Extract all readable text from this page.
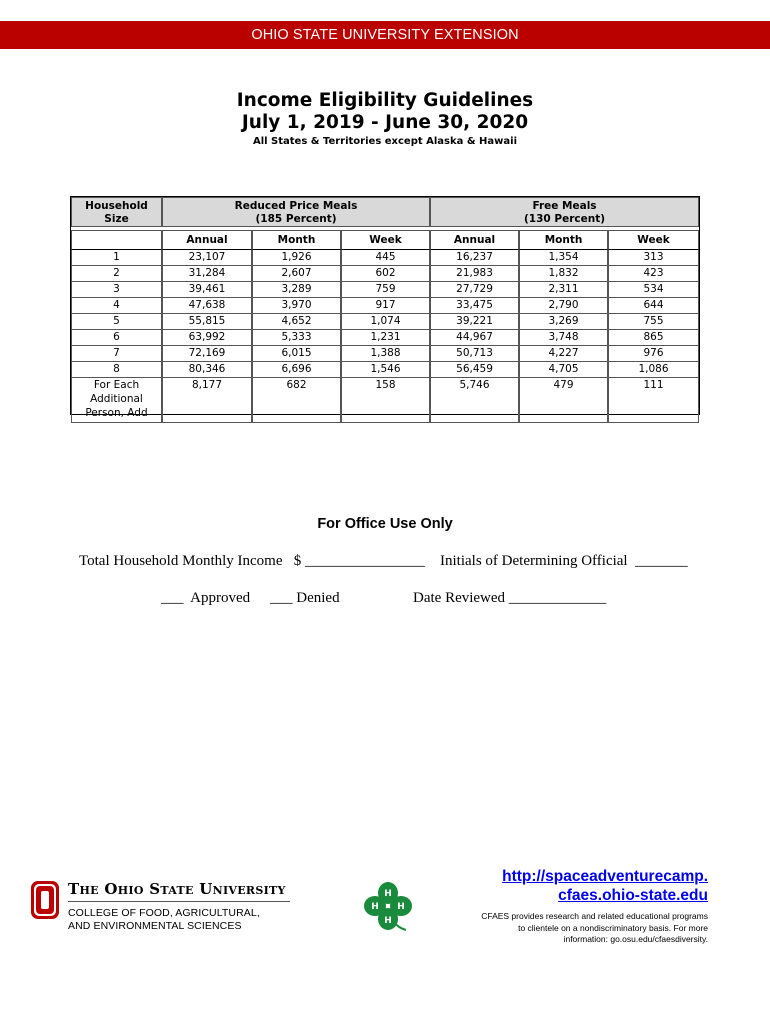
OHIO STATE UNIVERSITY EXTENSION
Income Eligibility Guidelines
July 1, 2019 - June 30, 2020
All States & Territories except Alaska & Hawaii
Household
Size	Reduced Price Meals
(185 Percent)			Free Meals
(130 Percent)		

	Annual	Month	Week	Annual	Month	Week
1	23,107	1,926	445	16,237	1,354	313
2	31,284	2,607	602	21,983	1,832	423
3	39,461	3,289	759	27,729	2,311	534
4	47,638	3,970	917	33,475	2,790	644
5	55,815	4,652	1,074	39,221	3,269	755
6	63,992	5,333	1,231	44,967	3,748	865
7	72,169	6,015	1,388	50,713	4,227	976
8	80,346	6,696	1,546	56,459	4,705	1,086
For Each
Additional
Person, Add	8,177	682	158	5,746	479	111
For Office Use Only
Total Household Monthly Income   $ ________________ Initials of Determining Official  _______
___  Approved ___ Denied	Date Reviewed _____________
The Ohio State University
COLLEGE OF FOOD, AGRICULTURAL,
AND ENVIRONMENTAL SCIENCES
H
H
H H
http://spaceadventurecamp.
cfaes.ohio-state.edu
CFAES provides research and related educational programs
to clientele on a nondiscriminatory basis. For more
information: go.osu.edu/cfaesdiversity.
